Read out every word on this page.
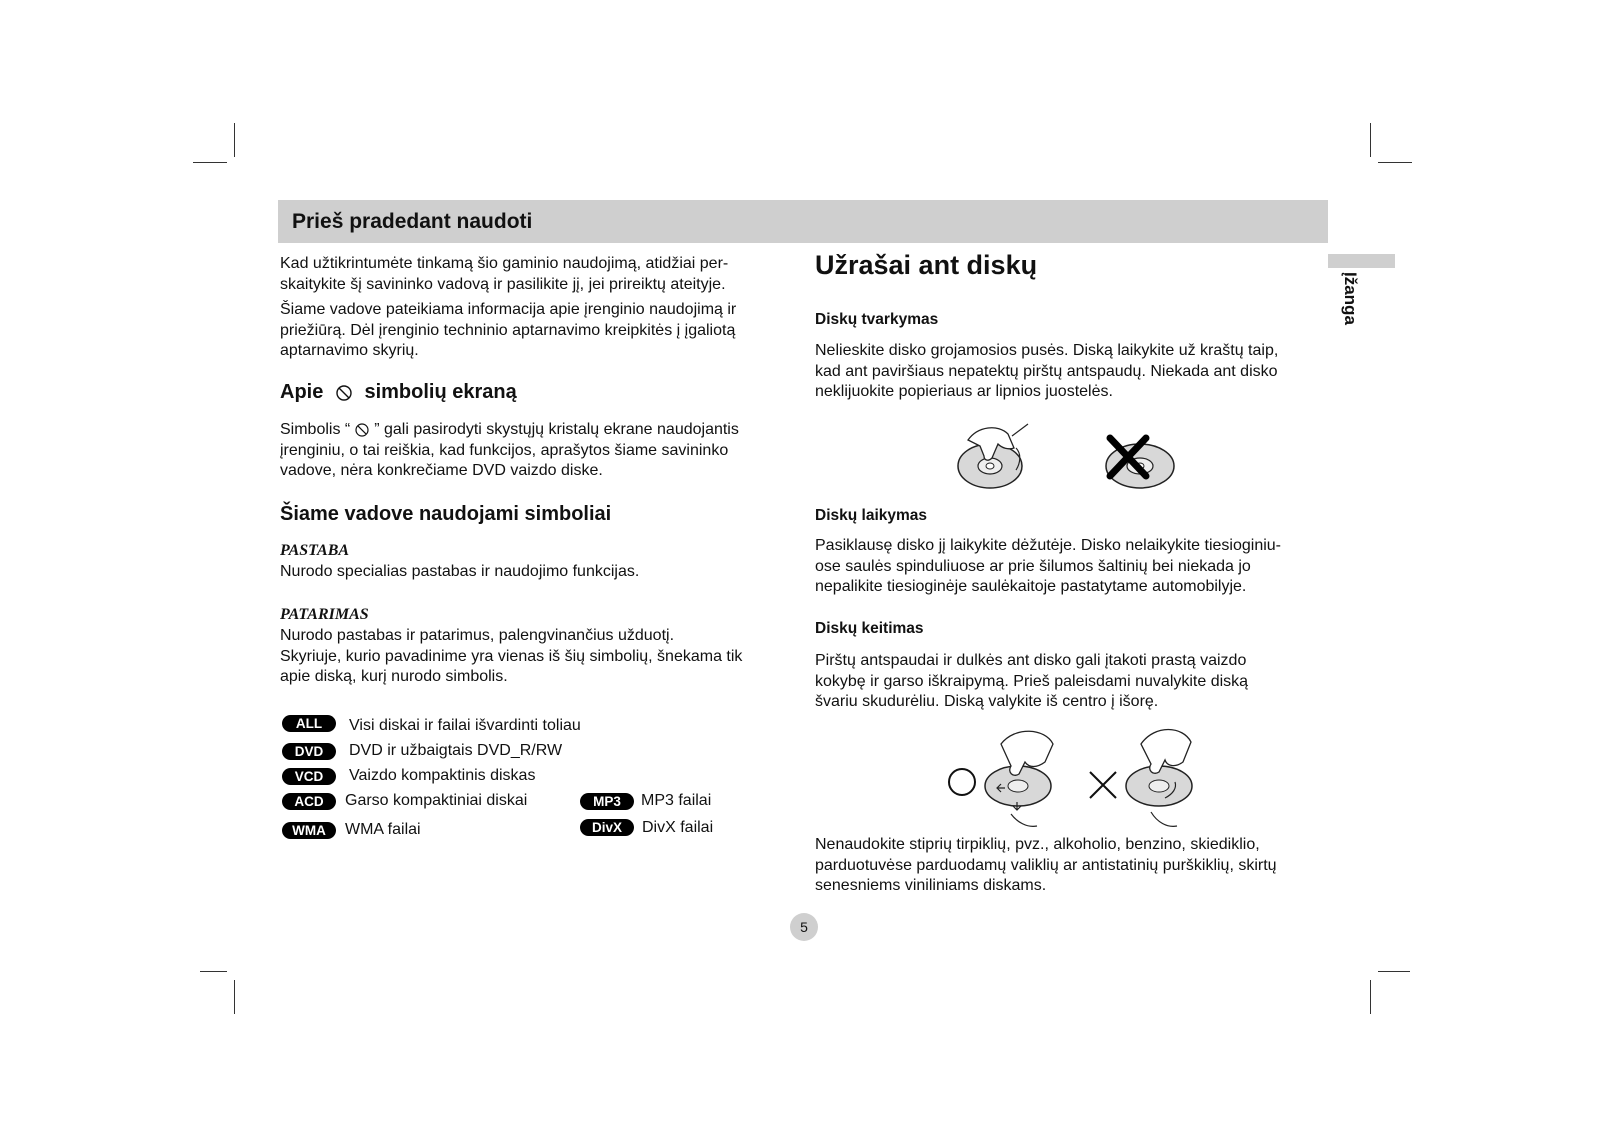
Prieš pradedant naudoti
Įžanga

Kad užtikrintumėte tinkamą šio gaminio naudojimą, atidžiai per-
skaitykite šį savininko vadovą ir pasilikite jį, jei prireiktų ateityje.

Šiame vadove pateikiama informacija apie įrenginio naudojimą ir
priežiūrą. Dėl įrenginio techninio aptarnavimo kreipkitės į įgaliotą
aptarnavimo skyrių.

Apie simbolių ekraną

Simbolis “ ” gali pasirodyti skystųjų kristalų ekrane naudojantis
įrenginiu, o tai reiškia, kad funkcijos, aprašytos šiame savininko
vadove, nėra konkrečiame DVD vaizdo diske.

Šiame vadove naudojami simboliai
PASTABA

Nurodo specialias pastabas ir naudojimo funkcijas.

PATARIMAS

Nurodo pastabas ir patarimus, palengvinančius užduotį.
Skyriuje, kurio pavadinime yra vienas iš šių simbolių, šnekama tik
apie diską, kurį nurodo simbolis.

ALL	Visi diskai ir failai išvardinti toliau
DVD	DVD ir užbaigtais DVD_R/RW
VCD	Vaizdo kompaktinis diskas
ACD	Garso kompaktiniai diskai
WMA	WMA failai
MP3	MP3 failai
DivX	DivX failai
Užrašai ant diskų
Diskų tvarkymas

Nelieskite disko grojamosios pusės. Diską laikykite už kraštų taip,
kad ant paviršiaus nepatektų pirštų antspaudų. Niekada ant disko
neklijuokite popieriaus ar lipnios juostelės.

Diskų laikymas

Pasiklausę disko jį laikykite dėžutėje. Disko nelaikykite tiesioginiu-
ose saulės spinduliuose ar prie šilumos šaltinių bei niekada jo
nepalikite tiesioginėje saulėkaitoje pastatytame automobilyje.

Diskų keitimas

Pirštų antspaudai ir dulkės ant disko gali įtakoti prastą vaizdo
kokybę ir garso iškraipymą. Prieš paleisdami nuvalykite diską
švariu skudurėliu. Diską valykite iš centro į išorę.

Nenaudokite stiprių tirpiklių, pvz., alkoholio, benzino, skiediklio,
parduotuvėse parduodamų valiklių ar antistatinių purškiklių, skirtų
senesniems viniliniams diskams.

5
